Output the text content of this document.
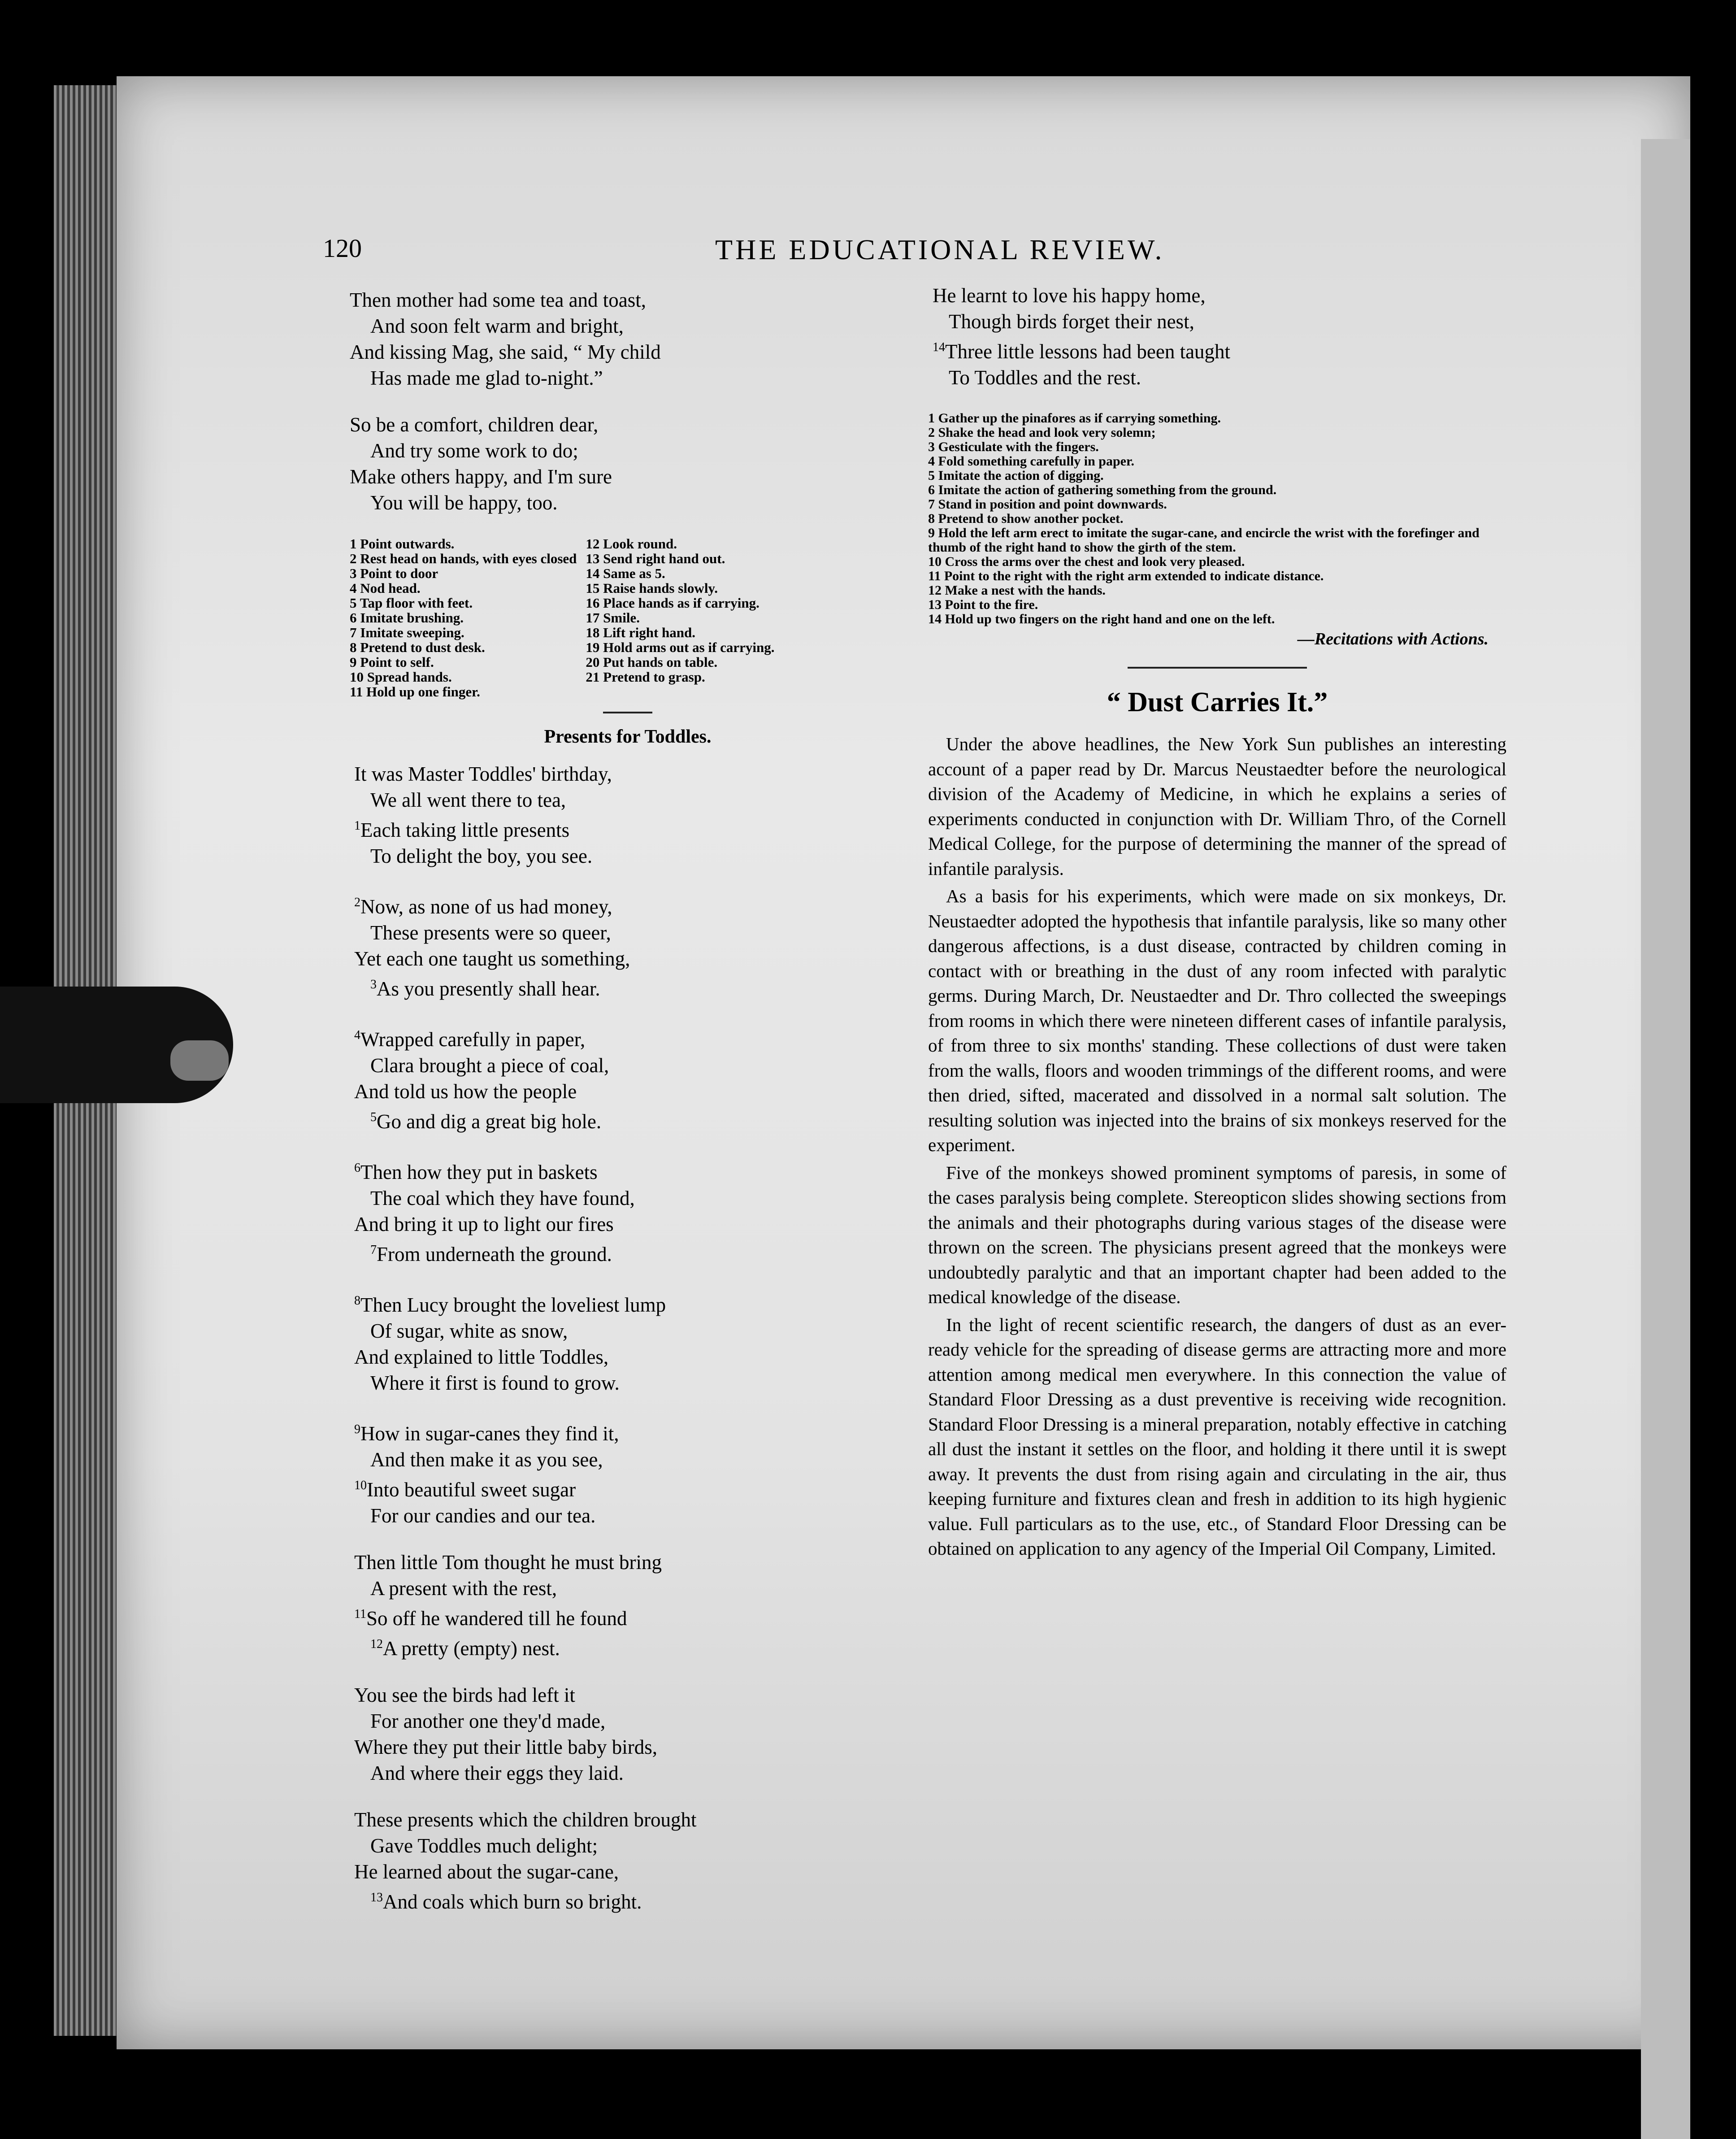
120	THE EDUCATIONAL REVIEW.
Then mother had some tea and toast,
And soon felt warm and bright,
And kissing Mag, she said, “ My child
Has made me glad to-night.”
So be a comfort, children dear,
And try some work to do;
Make others happy, and I'm sure
You will be happy, too.
1 Point outwards.
2 Rest head on hands, with eyes closed
3 Point to door
4 Nod head.
5 Tap floor with feet.
6 Imitate brushing.
7 Imitate sweeping.
8 Pretend to dust desk.
9 Point to self.
10 Spread hands.
11 Hold up one finger.
12 Look round.
13 Send right hand out.
14 Same as 5.
15 Raise hands slowly.
16 Place hands as if carrying.
17 Smile.
18 Lift right hand.
19 Hold arms out as if carrying.
20 Put hands on table.
21 Pretend to grasp.
Presents for Toddles.
It was Master Toddles' birthday,
We all went there to tea,
$^1$Each taking little presents
To delight the boy, you see.
$^2$Now, as none of us had money,
These presents were so queer,
Yet each one taught us something,
$^3$As you presently shall hear.
$^4$Wrapped carefully in paper,
Clara brought a piece of coal,
And told us how the people
$^5$Go and dig a great big hole.
$^6$Then how they put in baskets
The coal which they have found,
And bring it up to light our fires
$^7$From underneath the ground.
$^8$Then Lucy brought the loveliest lump
Of sugar, white as snow,
And explained to little Toddles,
Where it first is found to grow.
$^9$How in sugar-canes they find it,
And then make it as you see,
$^{10}$Into beautiful sweet sugar
For our candies and our tea.
Then little Tom thought he must bring
A present with the rest,
$^{11}$So off he wandered till he found
$^{12}$A pretty (empty) nest.
You see the birds had left it
For another one they'd made,
Where they put their little baby birds,
And where their eggs they laid.
These presents which the children brought
Gave Toddles much delight;
He learned about the sugar-cane,
$^{13}$And coals which burn so bright.
He learnt to love his happy home,
Though birds forget their nest,
$^{14}$Three little lessons had been taught
To Toddles and the rest.
1 Gather up the pinafores as if carrying something.
2 Shake the head and look very solemn;
3 Gesticulate with the fingers.
4 Fold something carefully in paper.
5 Imitate the action of digging.
6 Imitate the action of gathering something from the ground.
7 Stand in position and point downwards.
8 Pretend to show another pocket.
9 Hold the left arm erect to imitate the sugar-cane, and encircle the wrist with the forefinger and thumb of the right hand to show the girth of the stem.
10 Cross the arms over the chest and look very pleased.
11 Point to the right with the right arm extended to indicate distance.
12 Make a nest with the hands.
13 Point to the fire.
14 Hold up two fingers on the right hand and one on the left.
—Recitations with Actions.
“ Dust Carries It.”

Under the above headlines, the New York Sun publishes an interesting account of a paper read by Dr. Marcus Neustaedter before the neurological division of the Academy of Medicine, in which he explains a series of experiments conducted in conjunction with Dr. William Thro, of the Cornell Medical College, for the purpose of determining the manner of the spread of infantile paralysis.

As a basis for his experiments, which were made on six monkeys, Dr. Neustaedter adopted the hypothesis that infantile paralysis, like so many other dangerous affections, is a dust disease, contracted by children coming in contact with or breathing in the dust of any room infected with paralytic germs. During March, Dr. Neustaedter and Dr. Thro collected the sweepings from rooms in which there were nineteen different cases of infantile paralysis, of from three to six months' standing. These collections of dust were taken from the walls, floors and wooden trimmings of the different rooms, and were then dried, sifted, macerated and dissolved in a normal salt solution. The resulting solution was injected into the brains of six monkeys reserved for the experiment.

Five of the monkeys showed prominent symptoms of paresis, in some of the cases paralysis being complete. Stereopticon slides showing sections from the animals and their photographs during various stages of the disease were thrown on the screen. The physicians present agreed that the monkeys were undoubtedly paralytic and that an important chapter had been added to the medical knowledge of the disease.

In the light of recent scientific research, the dangers of dust as an ever-ready vehicle for the spreading of disease germs are attracting more and more attention among medical men everywhere. In this connection the value of Standard Floor Dressing as a dust preventive is receiving wide recognition. Standard Floor Dressing is a mineral preparation, notably effective in catching all dust the instant it settles on the floor, and holding it there until it is swept away. It prevents the dust from rising again and circulating in the air, thus keeping furniture and fixtures clean and fresh in addition to its high hygienic value. Full particulars as to the use, etc., of Standard Floor Dressing can be obtained on application to any agency of the Imperial Oil Company, Limited.
